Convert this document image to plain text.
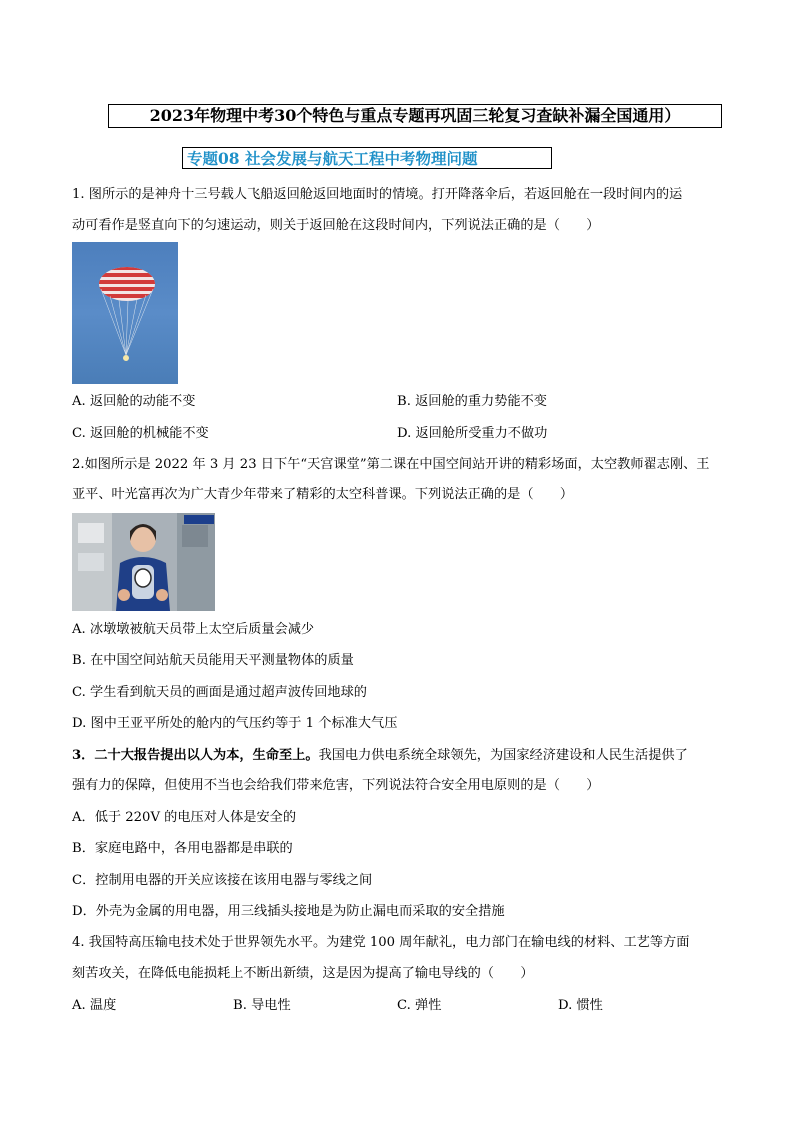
2023年物理中考30个特色与重点专题再巩固三轮复习查缺补漏全国通用）
专题08 社会发展与航天工程中考物理问题
1. 图所示的是神舟十三号载人飞船返回舱返回地面时的情境。打开降落伞后，若返回舱在一段时间内的运
动可看作是竖直向下的匀速运动，则关于返回舱在这段时间内，下列说法正确的是（　　）
A. 返回舱的动能不变	B. 返回舱的重力势能不变
C. 返回舱的机械能不变	D. 返回舱所受重力不做功
2.如图所示是 2022 年 3 月 23 日下午“天宫课堂”第二课在中国空间站开讲的精彩场面，太空教师翟志刚、王
亚平、叶光富再次为广大青少年带来了精彩的太空科普课。下列说法正确的是（　　）
A. 冰墩墩被航天员带上太空后质量会减少
B. 在中国空间站航天员能用天平测量物体的质量
C. 学生看到航天员的画面是通过超声波传回地球的
D. 图中王亚平所处的舱内的气压约等于 1 个标准大气压
3．二十大报告提出以人为本，生命至上。我国电力供电系统全球领先，为国家经济建设和人民生活提供了
强有力的保障，但使用不当也会给我们带来危害，下列说法符合安全用电原则的是（　　）
A．低于 220V 的电压对人体是安全的
B．家庭电路中，各用电器都是串联的
C．控制用电器的开关应该接在该用电器与零线之间
D．外壳为金属的用电器，用三线插头接地是为防止漏电而采取的安全措施
4. 我国特高压输电技术处于世界领先水平。为建党 100 周年献礼，电力部门在输电线的材料、工艺等方面
刻苦攻关，在降低电能损耗上不断出新绩，这是因为提高了输电导线的（　　）
A. 温度	B. 导电性	C. 弹性	D. 惯性
